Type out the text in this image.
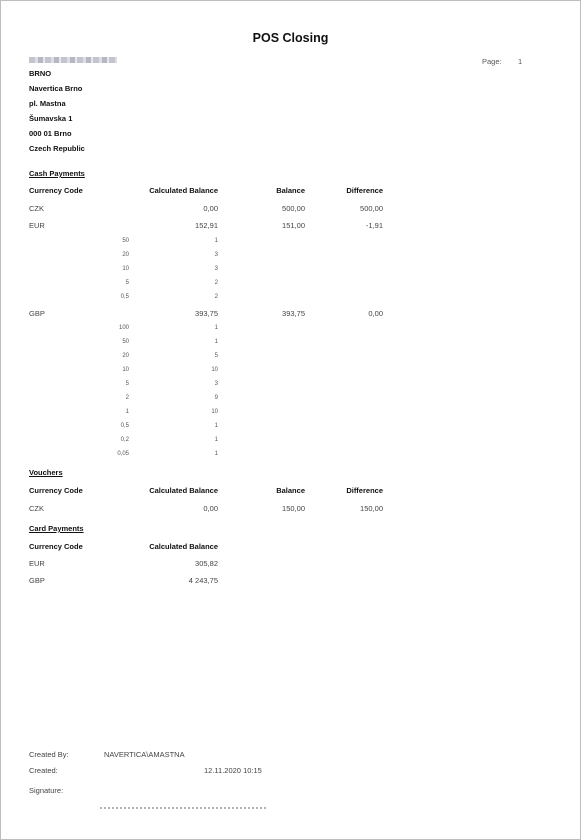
POS Closing
Page: 1
BRNO
Navertica Brno
pl. Mastna
Šumavska 1
000 01 Brno
Czech Republic
Cash Payments
Currency Code	Calculated Balance	Balance	Difference
CZK	0,00	500,00	500,00
EUR	152,91	151,00	-1,91
50	1
20	3
10	3
5	2
0,5	2
GBP	393,75	393,75	0,00
100	1
50	1
20	5
10	10
5	3
2	9
1	10
0,5	1
0,2	1
0,05	1
Vouchers
Currency Code	Calculated Balance	Balance	Difference
CZK	0,00	150,00	150,00
Card Payments
Currency Code	Calculated Balance
EUR	305,82
GBP	4 243,75
Created By:	NAVERTICA\AMASTNA
Created:	12.11.2020 10:15
Signature:
